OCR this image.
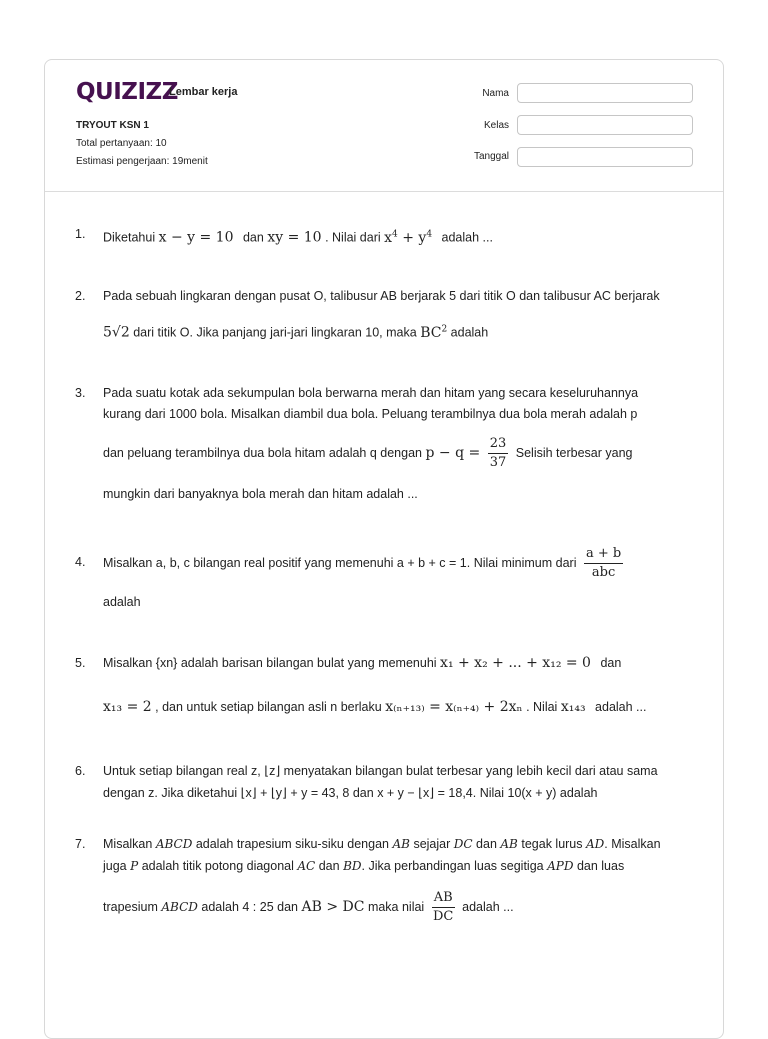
QUIZIZZ
Lembar kerja
TRYOUT KSN 1
Total pertanyaan: 10
Estimasi pengerjaan: 19menit
Nama
Kelas
Tanggal
1. Diketahui x − y = 10 dan xy = 10 . Nilai dari $x^4 + y^4$ adalah ...
2. Pada sebuah lingkaran dengan pusat O, talibusur AB berjarak 5 dari titik O dan talibusur AC berjarak
5√2 dari titik O. Jika panjang jari-jari lingkaran 10, maka $BC^2$ adalah
3. Pada suatu kotak ada sekumpulan bola berwarna merah dan hitam yang secara keseluruhannya
kurang dari 1000 bola. Misalkan diambil dua bola. Peluang terambilnya dua bola merah adalah p
dan peluang terambilnya dua bola hitam adalah q dengan $p - q = \frac{23}{37}$ Selisih terbesar yang
mungkin dari banyaknya bola merah dan hitam adalah ...
4. Misalkan a, b, c bilangan real positif yang memenuhi a + b + c = 1. Nilai minimum dari $\frac{a + b}{\text{abc}}$
adalah
5. Misalkan {xn} adalah barisan bilangan bulat yang memenuhi x₁ + x₂ + ... + x₁₂ = 0 dan
x₁₃ = 2 , dan untuk setiap bilangan asli n berlaku x₍ₙ₊₁₃₎ = x₍ₙ₊₄₎ + 2xₙ . Nilai x₁₄₃ adalah ...
6. Untuk setiap bilangan real z, ⌊z⌋ menyatakan bilangan bulat terbesar yang lebih kecil dari atau sama
dengan z. Jika diketahui ⌊x⌋ + ⌊y⌋ + y = 43, 8 dan x + y − ⌊x⌋ = 18,4. Nilai 10(x + y) adalah
7. Misalkan ABCD adalah trapesium siku-siku dengan AB sejajar DC dan AB tegak lurus AD. Misalkan
juga P adalah titik potong diagonal AC dan BD. Jika perbandingan luas segitiga APD dan luas
trapesium ABCD adalah 4 : 25 dan AB > DC maka nilai $\frac{AB}{DC}$ adalah ...
